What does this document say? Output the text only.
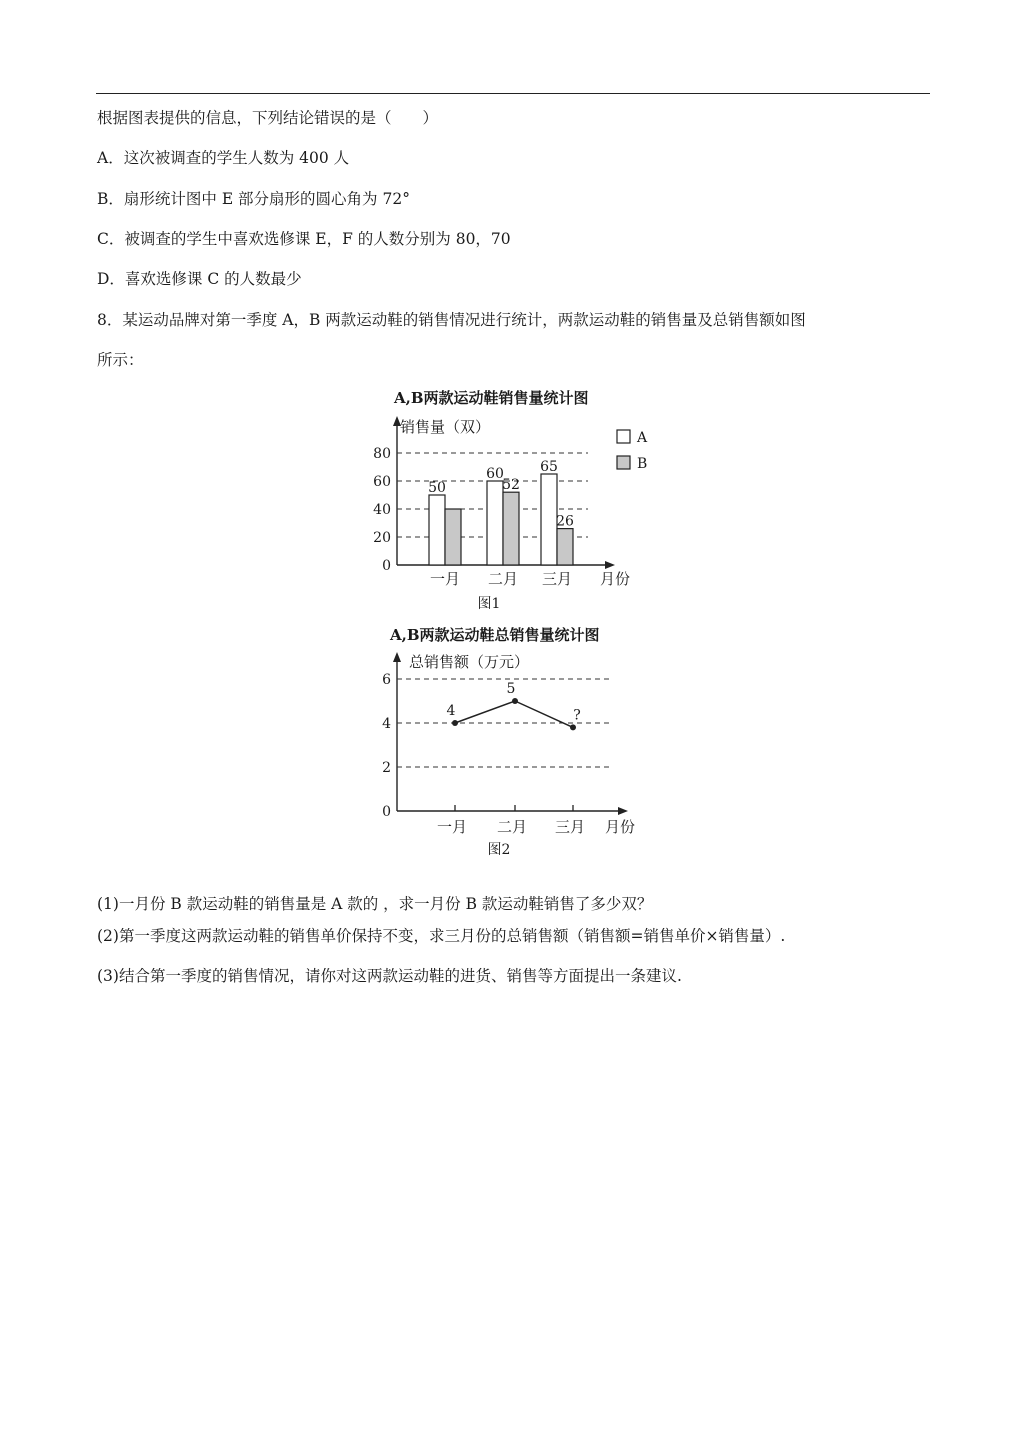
根据图表提供的信息，下列结论错误的是（　　）
A．这次被调查的学生人数为 400 人
B．扇形统计图中 E 部分扇形的圆心角为 72°
C．被调查的学生中喜欢选修课 E，F 的人数分别为 80，70
D．喜欢选修课 C 的人数最少
8．某运动品牌对第一季度 A，B 两款运动鞋的销售情况进行统计，两款运动鞋的销售量及总销售额如图
所示：
A,B两款运动鞋销售量统计图
图1
销售量（双）
月份
0
20
40
60
80
50
60	65
52
26
一月 二月 三月
A
B
A,B两款运动鞋总销售量统计图
图2
总销售额（万元）
月份
0
2
4
6
4
5
?
一月 二月 三月
(1)一月份 B 款运动鞋的销售量是 A 款的 ，求一月份 B 款运动鞋销售了多少双？
(2)第一季度这两款运动鞋的销售单价保持不变，求三月份的总销售额（销售额=销售单价×销售量）.
(3)结合第一季度的销售情况，请你对这两款运动鞋的进货、销售等方面提出一条建议.
